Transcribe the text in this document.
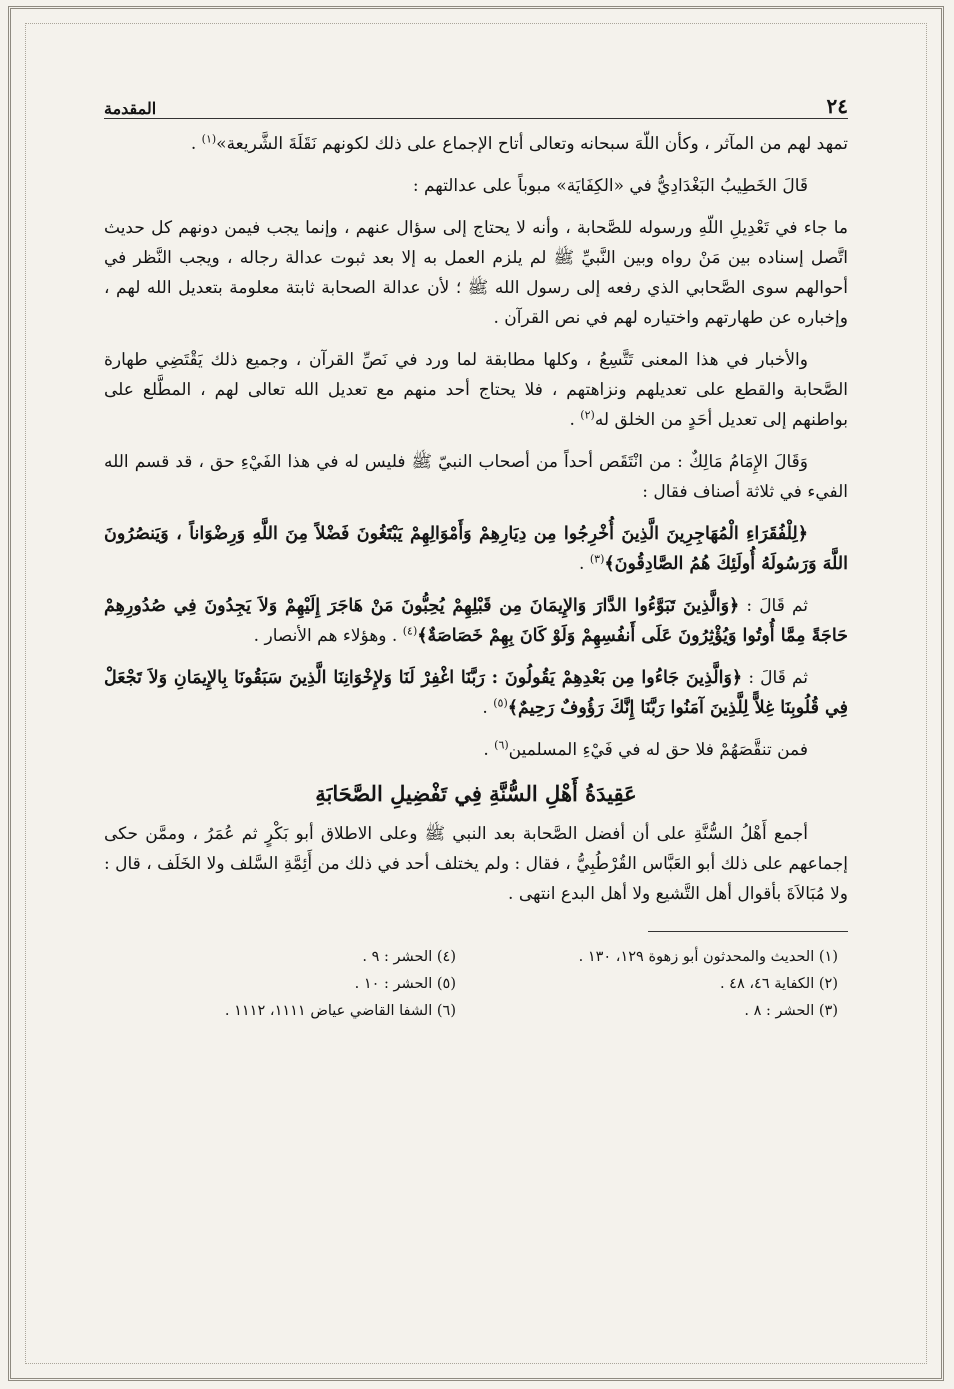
٢٤
المقدمة

تمهد لهم من المآثر ، وكأن اللّهَ سبحانه وتعالى أتاح الإجماع على ذلك لكونهم نَقَلَةَ الشَّريعة»$^{(١)}$ .

قَالَ الخَطِيبُ البَغْدَادِيُّ في «الكِفَايَة» مبوباً على عدالتهم :

ما جاء في تَعْدِيلِ اللّهِ ورسوله للصَّحابة ، وأنه لا يحتاج إلى سؤال عنهم ، وإنما يجب فيمن دونهم كل حديث اتَّصل إسناده بين مَنْ رواه وبين النَّبيِّ ﷺ لم يلزم العمل به إلا بعد ثبوت عدالة رجاله ، ويجب النَّظر في أحوالهم سوى الصَّحابي الذي رفعه إلى رسول الله ﷺ ؛ لأن عدالة الصحابة ثابتة معلومة بتعديل الله لهم ، وإخباره عن طهارتهم واختياره لهم في نص القرآن .

والأخبار في هذا المعنى تَتَّسِعُ ، وكلها مطابقة لما ورد في نَصِّ القرآن ، وجميع ذلك يَقْتَضِي طهارة الصَّحابة والقطع على تعديلهم ونزاهتهم ، فلا يحتاج أحد منهم مع تعديل الله تعالى لهم ، المطَّلع على بواطنهم إلى تعديل أحَدٍ من الخلق له$^{(٢)}$ .

وَقَالَ الإِمَامُ مَالِكٌ : من انْتَقَص أحداً من أصحاب النبيّ ﷺ فليس له في هذا الفَيْءِ حق ، قد قسم الله الفيء في ثلاثة أصناف فقال :

﴿لِلْفُقَرَاءِ الْمُهَاجِرِينَ الَّذِينَ أُخْرِجُوا مِن دِيَارِهِمْ وَأَمْوَالِهِمْ يَبْتَغُونَ فَضْلاً مِنَ اللَّهِ وَرِضْوَاناً ، وَيَنصُرُونَ اللَّهَ وَرَسُولَهُ أُولَئِكَ هُمُ الصَّادِقُونَ﴾$^{(٣)}$ .

ثم قَالَ : ﴿وَالَّذِينَ تَبَوَّءُوا الدَّارَ وَالإِيمَانَ مِن قَبْلِهِمْ يُحِبُّونَ مَنْ هَاجَرَ إِلَيْهِمْ وَلاَ يَجِدُونَ فِي صُدُورِهِمْ حَاجَةً مِمَّا أُوتُوا وَيُؤْثِرُونَ عَلَى أَنفُسِهِمْ وَلَوْ كَانَ بِهِمْ خَصَاصَةٌ﴾$^{(٤)}$ . وهؤلاء هم الأنصار .

ثم قَالَ : ﴿وَالَّذِينَ جَاءُوا مِن بَعْدِهِمْ يَقُولُونَ : رَبَّنَا اغْفِرْ لَنَا وَلإِخْوَانِنَا الَّذِينَ سَبَقُونَا بِالإِيمَانِ وَلاَ تَجْعَلْ فِي قُلُوبِنَا غِلاًّ لِلَّذِينَ آمَنُوا رَبَّنَا إِنَّكَ رَؤُوفٌ رَحِيمٌ﴾$^{(٥)}$ .

فمن تنقَّصَهُمْ فلا حق له في فَيْءِ المسلمين$^{(٦)}$ .

عَقِيدَةُ أَهْلِ السُّنَّةِ فِي تَفْضِيلِ الصَّحَابَةِ

أجمع أَهْلُ السُّنَّةِ على أن أفضل الصَّحابة بعد النبي ﷺ وعلى الاطلاق أبو بَكْرٍ ثم عُمَرُ ، وممَّن حكى إجماعهم على ذلك أبو العَبَّاس القُرْطُبِيُّ ، فقال : ولم يختلف أحد في ذلك من أَئِمَّةِ السَّلف ولا الخَلَف ، قال : ولا مُبَالاَةَ بأقوال أهل التَّشيع ولا أهل البدع انتهى .

(١) الحديث والمحدثون أبو زهوة ١٢٩، ١٣٠ .
(٤) الحشر : ٩ .
(٢) الكفاية ٤٦، ٤٨ .
(٥) الحشر : ١٠ .
(٣) الحشر : ٨ .
(٦) الشفا القاضي عياض ١١١١، ١١١٢ .
